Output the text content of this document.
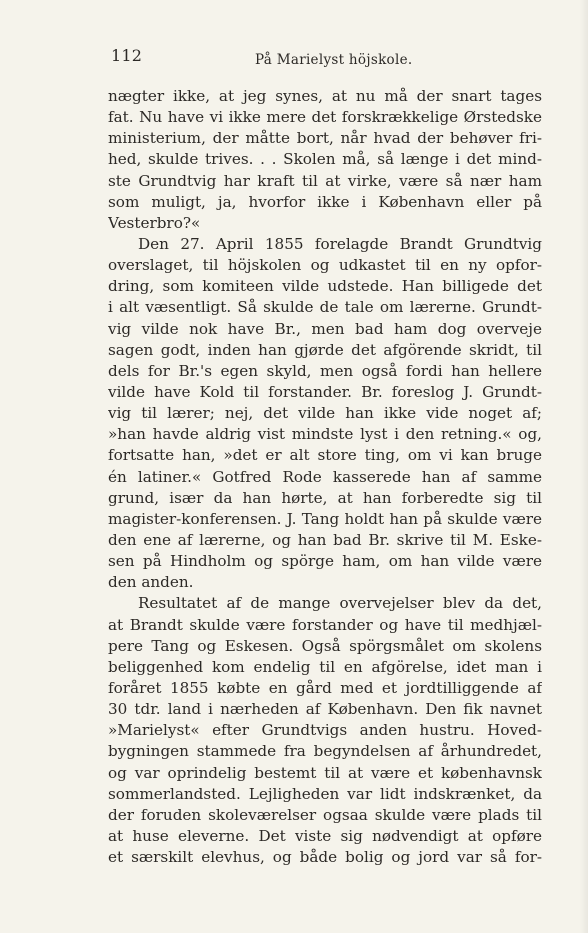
112	På Marielyst höjskole.
nægter ikke, at jeg synes, at nu må der snart tages
fat. Nu have vi ikke mere det forskrækkelige Ørstedske
ministerium, der måtte bort, når hvad der behøver fri-
hed, skulde trives. . . Skolen må, så længe i det mind-
ste Grundtvig har kraft til at virke, være så nær ham
som muligt, ja, hvorfor ikke i København eller på
Vesterbro?«
Den 27. April 1855 forelagde Brandt Grundtvig
overslaget, til höjskolen og udkastet til en ny opfor-
dring, som komiteen vilde udstede. Han billigede det
i alt væsentligt. Så skulde de tale om lærerne. Grundt-
vig vilde nok have Br., men bad ham dog overveje
sagen godt, inden han gjørde det afgörende skridt, til
dels for Br.'s egen skyld, men også fordi han hellere
vilde have Kold til forstander. Br. foreslog J. Grundt-
vig til lærer; nej, det vilde han ikke vide noget af;
»han havde aldrig vist mindste lyst i den retning.« og,
fortsatte han, »det er alt store ting, om vi kan bruge
én latiner.« Gotfred Rode kasserede han af samme
grund, især da han hørte, at han forberedte sig til
magister-konferensen. J. Tang holdt han på skulde være
den ene af lærerne, og han bad Br. skrive til M. Eske-
sen på Hindholm og spörge ham, om han vilde være
den anden.
Resultatet af de mange overvejelser blev da det,
at Brandt skulde være forstander og have til medhjæl-
pere Tang og Eskesen. Også spörgsmålet om skolens
beliggenhed kom endelig til en afgörelse, idet man i
foråret 1855 købte en gård med et jordtilliggende af
30 tdr. land i nærheden af København. Den fik navnet
»Marielyst« efter Grundtvigs anden hustru. Hoved-
bygningen stammede fra begyndelsen af århundredet,
og var oprindelig bestemt til at være et københavnsk
sommerlandsted. Lejligheden var lidt indskrænket, da
der foruden skoleværelser ogsaa skulde være plads til
at huse eleverne. Det viste sig nødvendigt at opføre
et særskilt elevhus, og både bolig og jord var så for-
